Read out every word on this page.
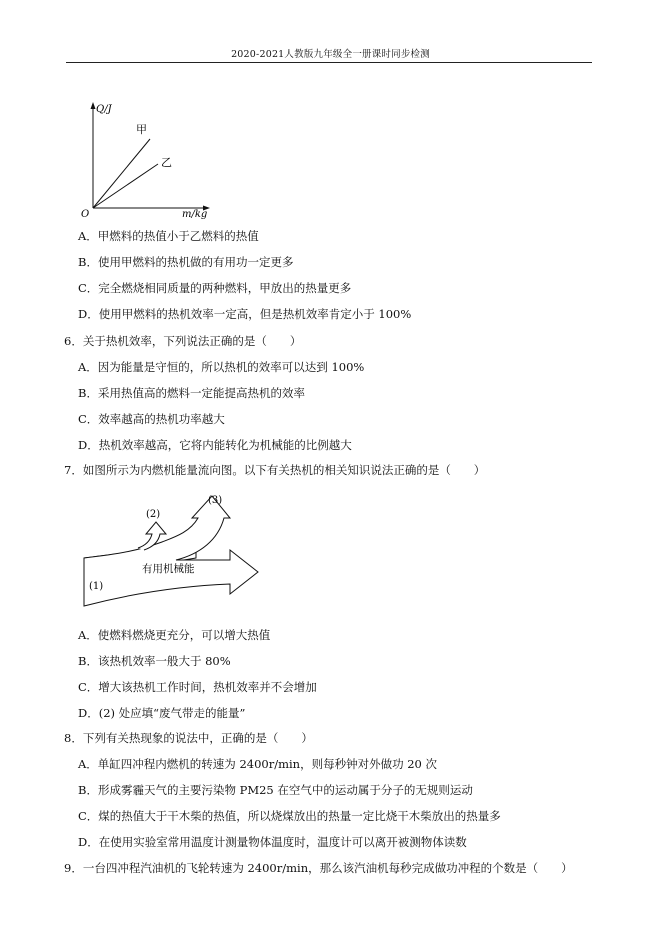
2020-2021人教版九年级全一册课时同步检测
Q/J
m/kg
O
甲
乙
A．甲燃料的热值小于乙燃料的热值
B．使用甲燃料的热机做的有用功一定更多
C．完全燃烧相同质量的两种燃料，甲放出的热量更多
D．使用甲燃料的热机效率一定高，但是热机效率肯定小于 100%
6．关于热机效率，下列说法正确的是（　　）
A．因为能量是守恒的，所以热机的效率可以达到 100%
B．采用热值高的燃料一定能提高热机的效率
C．效率越高的热机功率越大
D．热机效率越高，它将内能转化为机械能的比例越大
7．如图所示为内燃机能量流向图。以下有关热机的相关知识说法正确的是（　　）
(1)
(2)
(3)
有用机械能
A．使燃料燃烧更充分，可以增大热值
B．该热机效率一般大于 80%
C．增大该热机工作时间，热机效率并不会增加
D．(2) 处应填“废气带走的能量”
8．下列有关热现象的说法中，正确的是（　　）
A．单缸四冲程内燃机的转速为 2400r/min，则每秒钟对外做功 20 次
B．形成雾霾天气的主要污染物 PM25 在空气中的运动属于分子的无规则运动
C．煤的热值大于干木柴的热值，所以烧煤放出的热量一定比烧干木柴放出的热量多
D．在使用实验室常用温度计测量物体温度时，温度计可以离开被测物体读数
9．一台四冲程汽油机的飞轮转速为 2400r/min，那么该汽油机每秒完成做功冲程的个数是（　　）
